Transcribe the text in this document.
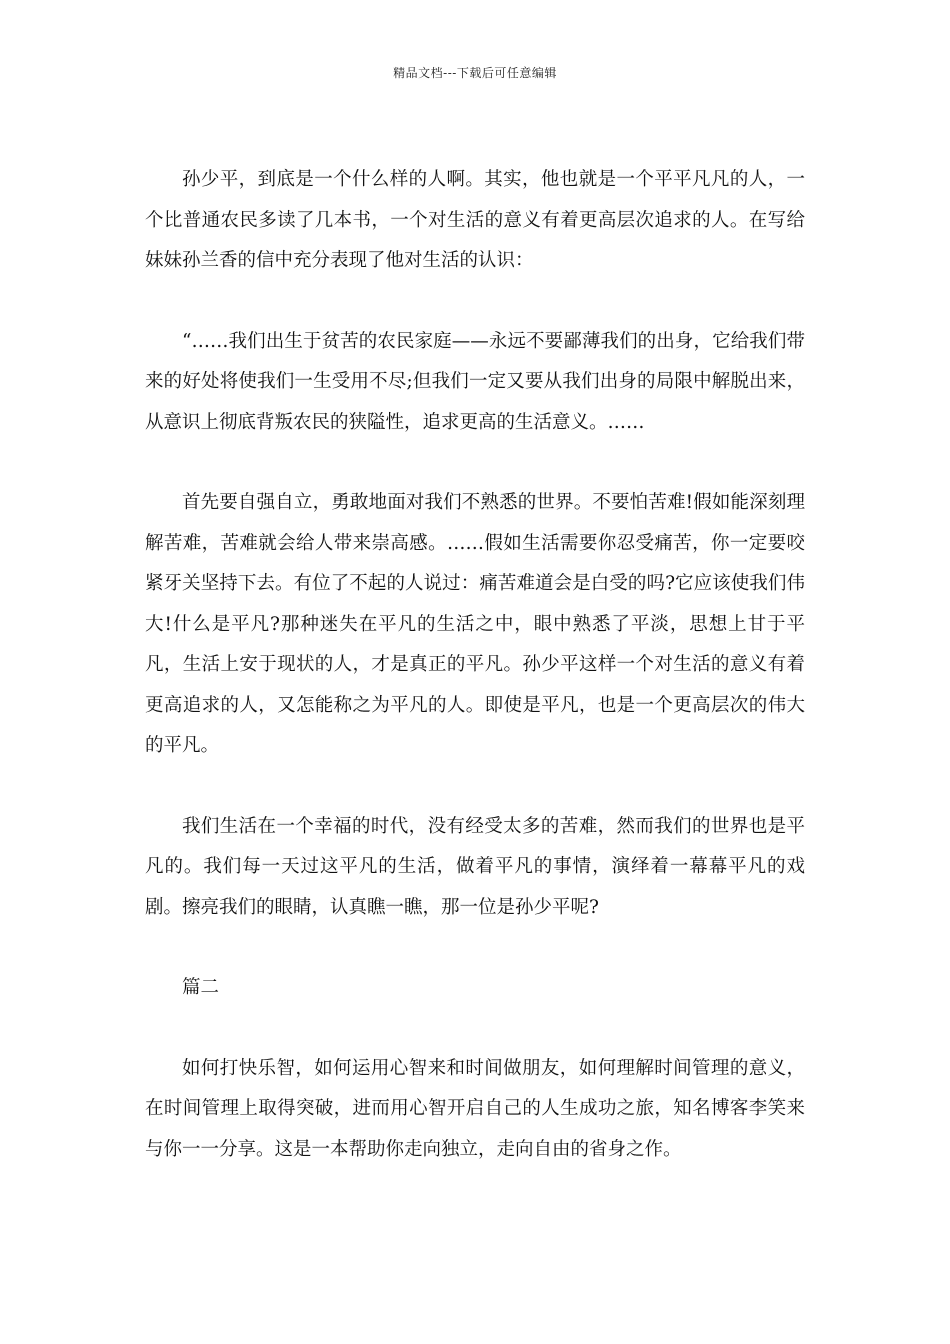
精品文档---下载后可任意编辑

孙少平，到底是一个什么样的人啊。其实，他也就是一个平平凡凡的人，一个比普通农民多读了几本书，一个对生活的意义有着更高层次追求的人。在写给妹妹孙兰香的信中充分表现了他对生活的认识：

“……我们出生于贫苦的农民家庭——永远不要鄙薄我们的出身，它给我们带来的好处将使我们一生受用不尽;但我们一定又要从我们出身的局限中解脱出来，从意识上彻底背叛农民的狭隘性，追求更高的生活意义。……

首先要自强自立，勇敢地面对我们不熟悉的世界。不要怕苦难!假如能深刻理解苦难，苦难就会给人带来崇高感。……假如生活需要你忍受痛苦，你一定要咬紧牙关坚持下去。有位了不起的人说过：痛苦难道会是白受的吗?它应该使我们伟大!什么是平凡?那种迷失在平凡的生活之中，眼中熟悉了平淡，思想上甘于平凡，生活上安于现状的人，才是真正的平凡。孙少平这样一个对生活的意义有着更高追求的人，又怎能称之为平凡的人。即使是平凡，也是一个更高层次的伟大的平凡。

我们生活在一个幸福的时代，没有经受太多的苦难，然而我们的世界也是平凡的。我们每一天过这平凡的生活，做着平凡的事情，演绎着一幕幕平凡的戏剧。擦亮我们的眼睛，认真瞧一瞧，那一位是孙少平呢?

篇二

如何打快乐智，如何运用心智来和时间做朋友，如何理解时间管理的意义，在时间管理上取得突破，进而用心智开启自己的人生成功之旅，知名博客李笑来与你一一分享。这是一本帮助你走向独立，走向自由的省身之作。
